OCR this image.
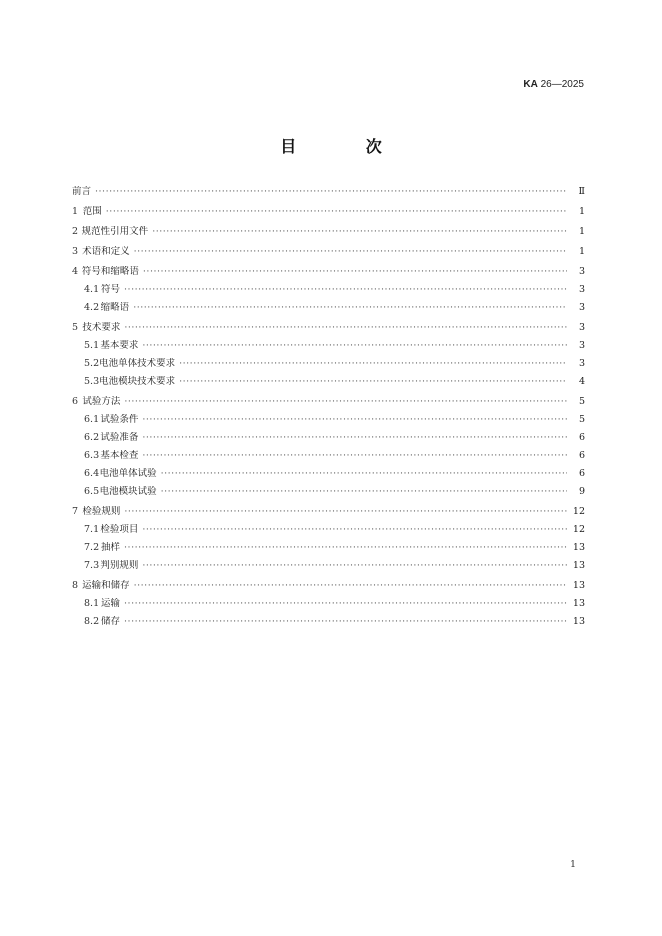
KA 26—2025
目 次
前言 ·····	Ⅱ
1 范围 ·····	1
2 规范性引用文件 ·····	1
3 术语和定义 ·····	1
4 符号和缩略语 ·····	3
4.1 符号 ·····	3
4.2 缩略语 ·····	3
5 技术要求 ·····	3
5.1 基本要求 ·····	3
5.2 电池单体技术要求 ·····	3
5.3 电池模块技术要求 ·····	4
6 试验方法 ·····	5
6.1 试验条件 ·····	5
6.2 试验准备 ·····	6
6.3 基本检查 ·····	6
6.4 电池单体试验 ·····	6
6.5 电池模块试验 ·····	9
7 检验规则 ·····	12
7.1 检验项目 ·····	12
7.2 抽样 ·····	13
7.3 判别规则 ·····	13
8 运输和储存 ·····	13
8.1 运输 ·····	13
8.2 储存 ·····	13
1
